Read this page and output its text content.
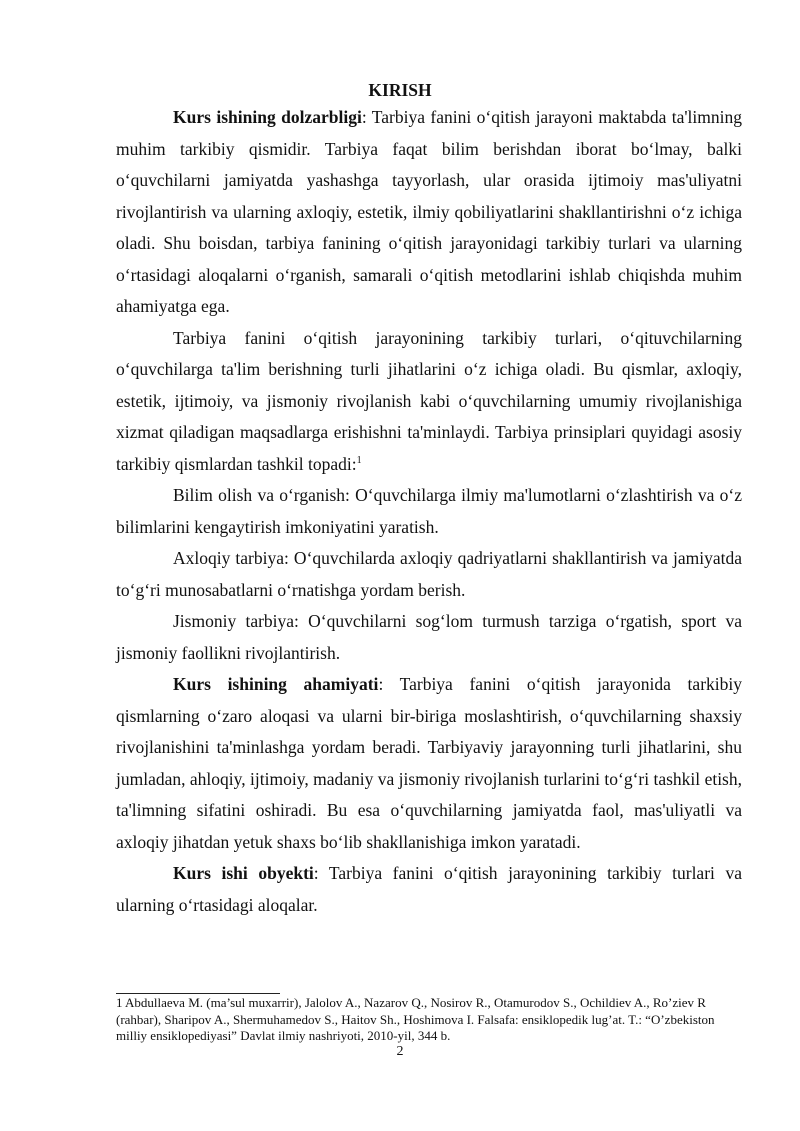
KIRISH

Kurs ishining dolzarbligi: Tarbiya fanini o‘qitish jarayoni maktabda ta'limning muhim tarkibiy qismidir. Tarbiya faqat bilim berishdan iborat bo‘lmay, balki o‘quvchilarni jamiyatda yashashga tayyorlash, ular orasida ijtimoiy mas'uliyatni rivojlantirish va ularning axloqiy, estetik, ilmiy qobiliyatlarini shakllantirishni o‘z ichiga oladi. Shu boisdan, tarbiya fanining o‘qitish jarayonidagi tarkibiy turlari va ularning o‘rtasidagi aloqalarni o‘rganish, samarali o‘qitish metodlarini ishlab chiqishda muhim ahamiyatga ega.

Tarbiya fanini o‘qitish jarayonining tarkibiy turlari, o‘qituvchilarning o‘quvchilarga ta'lim berishning turli jihatlarini o‘z ichiga oladi. Bu qismlar, axloqiy, estetik, ijtimoiy, va jismoniy rivojlanish kabi o‘quvchilarning umumiy rivojlanishiga xizmat qiladigan maqsadlarga erishishni ta'minlaydi. Tarbiya prinsiplari quyidagi asosiy tarkibiy qismlardan tashkil topadi:$^1$

Bilim olish va o‘rganish: O‘quvchilarga ilmiy ma'lumotlarni o‘zlashtirish va o‘z bilimlarini kengaytirish imkoniyatini yaratish.

Axloqiy tarbiya: O‘quvchilarda axloqiy qadriyatlarni shakllantirish va jamiyatda to‘g‘ri munosabatlarni o‘rnatishga yordam berish.

Jismoniy tarbiya: O‘quvchilarni sog‘lom turmush tarziga o‘rgatish, sport va jismoniy faollikni rivojlantirish.

Kurs ishining ahamiyati: Tarbiya fanini o‘qitish jarayonida tarkibiy qismlarning o‘zaro aloqasi va ularni bir-biriga moslashtirish, o‘quvchilarning shaxsiy rivojlanishini ta'minlashga yordam beradi. Tarbiyaviy jarayonning turli jihatlarini, shu jumladan, ahloqiy, ijtimoiy, madaniy va jismoniy rivojlanish turlarini to‘g‘ri tashkil etish, ta'limning sifatini oshiradi. Bu esa o‘quvchilarning jamiyatda faol, mas'uliyatli va axloqiy jihatdan yetuk shaxs bo‘lib shakllanishiga imkon yaratadi.

Kurs ishi obyekti: Tarbiya fanini o‘qitish jarayonining tarkibiy turlari va ularning o‘rtasidagi aloqalar.

1 Abdullaeva M. (ma’sul muxarrir), Jalolov A., Nazarov Q., Nosirov R., Otamurodov S., Ochildiev A., Ro’ziev R (rahbar), Sharipov A., Shermuhamedov S., Haitov Sh., Hoshimova I. Falsafa: ensiklopedik lug’at. T.: “O’zbekiston milliy ensiklopediyasi” Davlat ilmiy nashriyoti, 2010-yil, 344 b.

2
